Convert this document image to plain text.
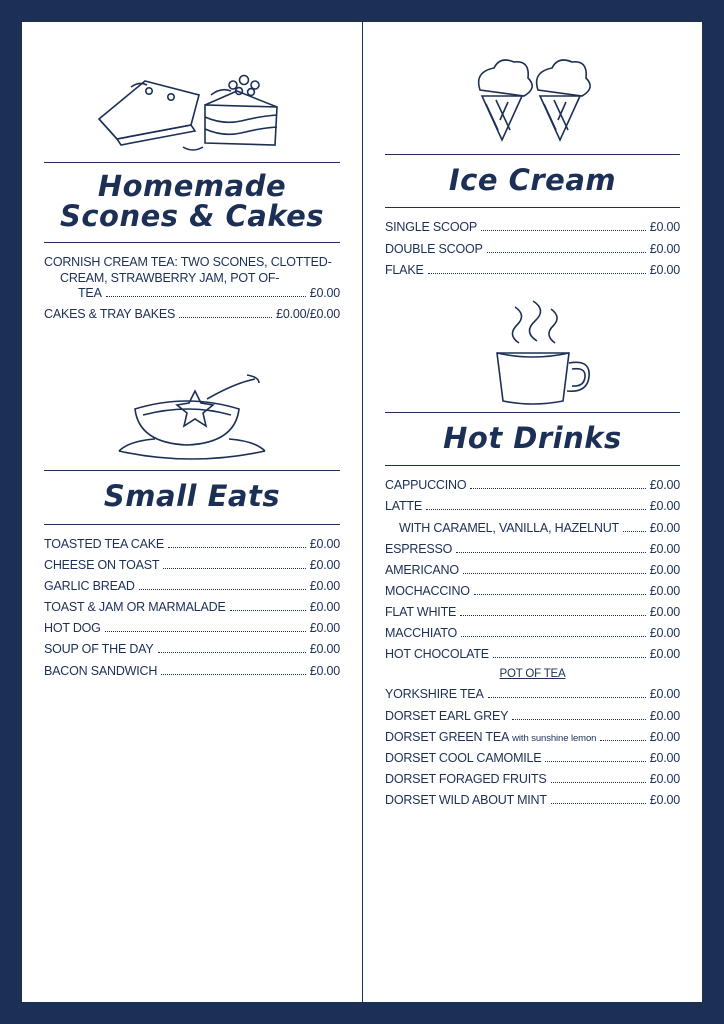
Homemade
Scones & Cakes
CORNISH CREAM TEA: TWO SCONES, CLOTTED-
CREAM, STRAWBERRY JAM, POT OF-
TEA	£0.00
CAKES & TRAY BAKES	£0.00/£0.00
Small Eats
TOASTED TEA CAKE	£0.00
CHEESE ON TOAST	£0.00
GARLIC BREAD	£0.00
TOAST & JAM OR MARMALADE	£0.00
HOT DOG	£0.00
SOUP OF THE DAY	£0.00
BACON SANDWICH	£0.00
Ice Cream
SINGLE SCOOP	£0.00
DOUBLE SCOOP	£0.00
FLAKE	£0.00
Hot Drinks
CAPPUCCINO	£0.00
LATTE	£0.00
WITH CARAMEL, VANILLA, HAZELNUT £0.00
ESPRESSO	£0.00
AMERICANO	£0.00
MOCHACCINO	£0.00
FLAT WHITE	£0.00
MACCHIATO	£0.00
HOT CHOCOLATE	£0.00
POT OF TEA
YORKSHIRE TEA	£0.00
DORSET EARL GREY	£0.00
DORSET GREEN TEA with sunshine lemon	£0.00
DORSET COOL CAMOMILE	£0.00
DORSET FORAGED FRUITS	£0.00
DORSET WILD ABOUT MINT	£0.00
